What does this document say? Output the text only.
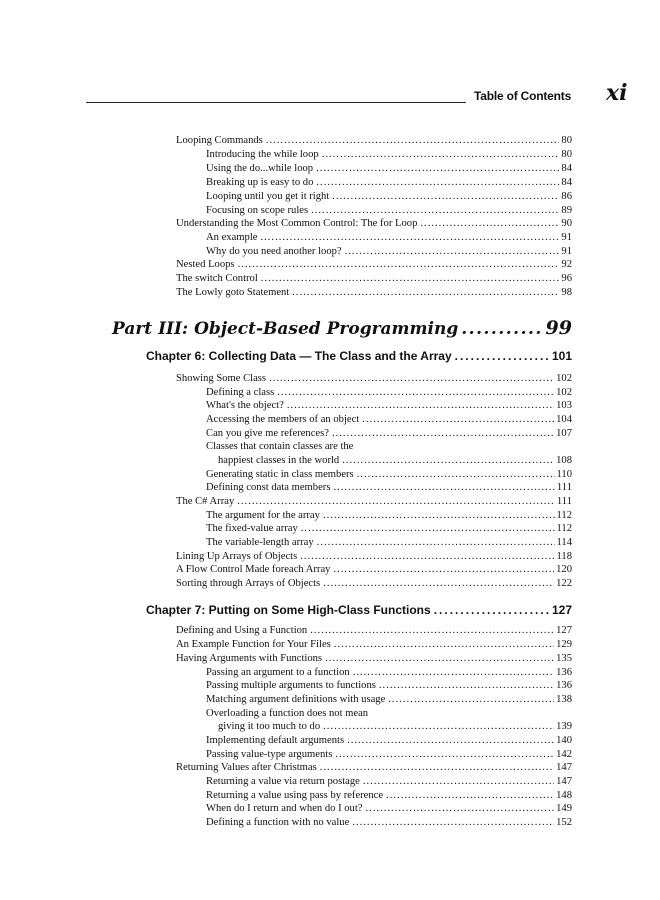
Table of Contents xi
Looping Commands .....	80
Introducing the while loop .....	80
Using the do...while loop .....	84
Breaking up is easy to do .....	84
Looping until you get it right .....	86
Focusing on scope rules .....	89
Understanding the Most Common Control: The for Loop .....	90
An example .....	91
Why do you need another loop? .....	91
Nested Loops .....	92
The switch Control .....	96
The Lowly goto Statement .....	98
Part III: Object-Based Programming .....	99
Chapter 6: Collecting Data — The Class and the Array .....	101
Showing Some Class .....	102
Defining a class .....	102
What's the object? .....	103
Accessing the members of an object .....	104
Can you give me references? .....	107
Classes that contain classes are the
happiest classes in the world .....	108
Generating static in class members .....	110
Defining const data members .....	111
The C# Array .....	111
The argument for the array .....	112
The fixed-value array .....	112
The variable-length array .....	114
Lining Up Arrays of Objects .....	118
A Flow Control Made foreach Array .....	120
Sorting through Arrays of Objects .....	122
Chapter 7: Putting on Some High-Class Functions .....	127
Defining and Using a Function .....	127
An Example Function for Your Files .....	129
Having Arguments with Functions .....	135
Passing an argument to a function .....	136
Passing multiple arguments to functions .....	136
Matching argument definitions with usage .....	138
Overloading a function does not mean
giving it too much to do .....	139
Implementing default arguments .....	140
Passing value-type arguments .....	142
Returning Values after Christmas .....	147
Returning a value via return postage .....	147
Returning a value using pass by reference .....	148
When do I return and when do I out? .....	149
Defining a function with no value .....	152
